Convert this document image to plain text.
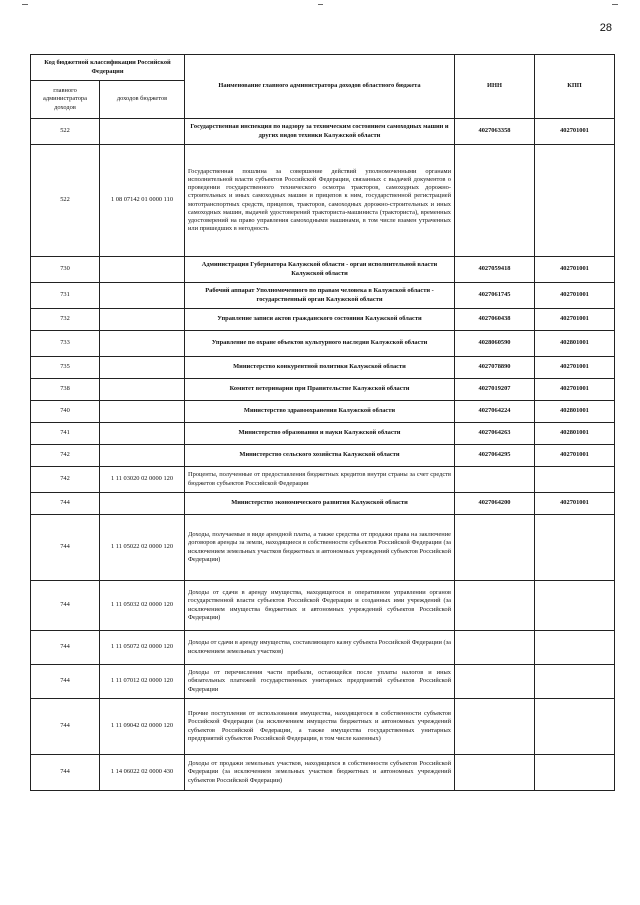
28
Код бюджетной классификации Российской Федерации		Наименование главного администратора доходов областного бюджета	ИНН	КПП
главного администратора доходов	доходов бюджетов			
522		Государственная инспекция по надзору за техническим состоянием самоходных машин и других видов техники Калужской области	4027063358	402701001
522	1 08 07142 01 0000 110	Государственная пошлина за совершение действий уполномоченными органами исполнительной власти субъектов Российской Федерации, связанных с выдачей документов о проведении государственного технического осмотра тракторов, самоходных дорожно-строительных и иных самоходных машин и прицепов к ним, государственной регистрацией мототранспортных средств, прицепов, тракторов, самоходных дорожно-строительных и иных самоходных машин, выдачей удостоверений тракториста-машиниста (тракториста), временных удостоверений на право управления самоходными машинами, в том числе взамен утраченных или пришедших в негодность		
730		Администрация Губернатора Калужской области - орган исполнительной власти Калужской области	4027059418	402701001
731		Рабочий аппарат Уполномоченного по правам человека в Калужской области - государственный орган Калужской области	4027061745	402701001
732		Управление записи актов гражданского состояния Калужской области	4027060438	402701001
733		Управление по охране объектов культурного наследия Калужской области	4028060590	402801001
735		Министерство конкурентной политики Калужской области	4027078890	402701001
738		Комитет ветеринарии при Правительстве Калужской области	4027019207	402701001
740		Министерство здравоохранения Калужской области	4027064224	402801001
741		Министерство образования и науки Калужской области	4027064263	402801001
742		Министерство сельского хозяйства Калужской области	4027064295	402701001
742	1 11 03020 02 0000 120	Проценты, полученные от предоставления бюджетных кредитов внутри страны за счет средств бюджетов субъектов Российской Федерации		
744		Министерство экономического развития Калужской области	4027064200	402701001
744	1 11 05022 02 0000 120	Доходы, получаемые в виде арендной платы, а также средства от продажи права на заключение договоров аренды за земли, находящиеся в собственности субъектов Российской Федерации (за исключением земельных участков бюджетных и автономных учреждений субъектов Российской Федерации)		
744	1 11 05032 02 0000 120	Доходы от сдачи в аренду имущества, находящегося в оперативном управлении органов государственной власти субъектов Российской Федерации и созданных ими учреждений (за исключением имущества бюджетных и автономных учреждений субъектов Российской Федерации)		
744	1 11 05072 02 0000 120	Доходы от сдачи в аренду имущества, составляющего казну субъекта Российской Федерации (за исключением земельных участков)		
744	1 11 07012 02 0000 120	Доходы от перечисления части прибыли, остающейся после уплаты налогов и иных обязательных платежей государственных унитарных предприятий субъектов Российской Федерации		
744	1 11 09042 02 0000 120	Прочие поступления от использования имущества, находящегося в собственности субъектов Российской Федерации (за исключением имущества бюджетных и автономных учреждений субъектов Российской Федерации, а также имущества государственных унитарных предприятий субъектов Российской Федерации, в том числе казенных)		
744	1 14 06022 02 0000 430	Доходы от продажи земельных участков, находящихся в собственности субъектов Российской Федерации (за исключением земельных участков бюджетных и автономных учреждений субъектов Российской Федерации)		
